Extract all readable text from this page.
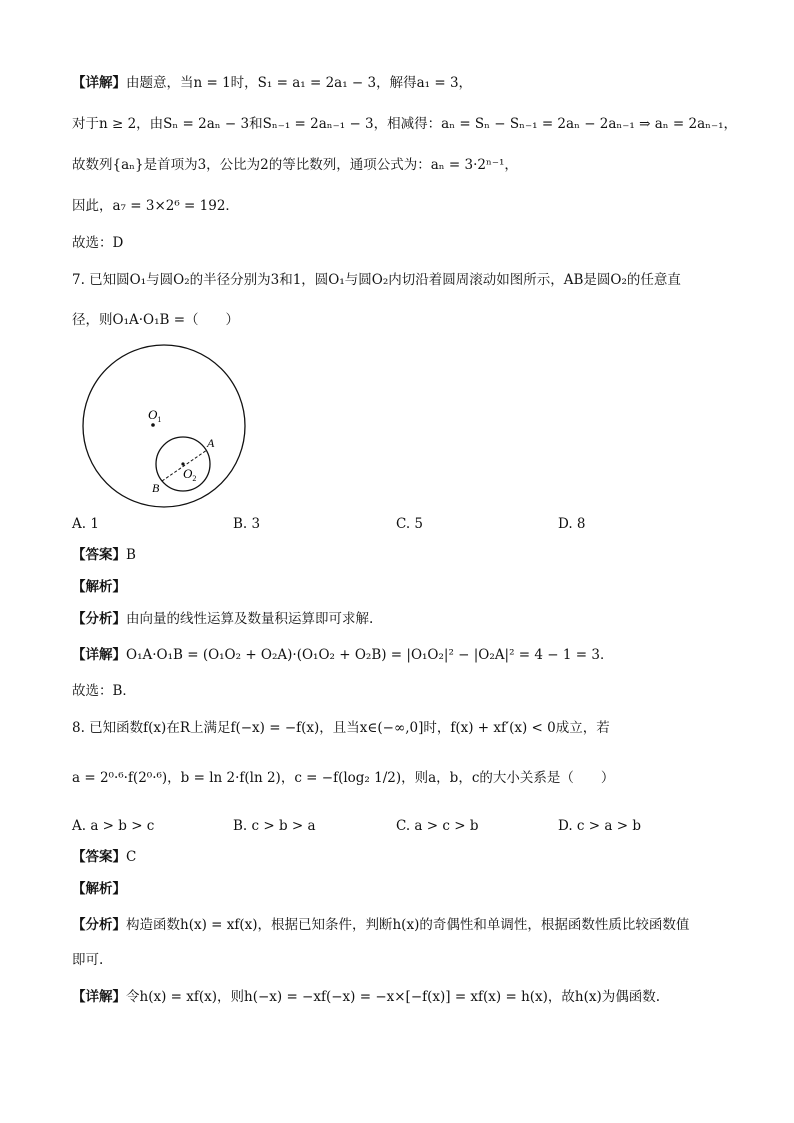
【详解】由题意，当n = 1时，S₁ = a₁ = 2a₁ − 3，解得a₁ = 3，
对于n ≥ 2，由Sₙ = 2aₙ − 3和Sₙ₋₁ = 2aₙ₋₁ − 3，相减得：aₙ = Sₙ − Sₙ₋₁ = 2aₙ − 2aₙ₋₁ ⇒ aₙ = 2aₙ₋₁，
故数列{aₙ}是首项为3，公比为2的等比数列，通项公式为：aₙ = 3·2ⁿ⁻¹，
因此，a₇ = 3×2⁶ = 192．
故选：D
7. 已知圆O₁与圆O₂的半径分别为3和1，圆O₁与圆O₂内切沿着圆周滚动如图所示，AB是圆O₂的任意直
径，则O₁A·O₁B =（　　）
$O_1$
$O_2$
A
B
A. 1	B. 3	C. 5	D. 8
【答案】B
【解析】
【分析】由向量的线性运算及数量积运算即可求解.
【详解】O₁A·O₁B = (O₁O₂ + O₂A)·(O₁O₂ + O₂B) = |O₁O₂|² − |O₂A|² = 4 − 1 = 3．
故选：B．
8. 已知函数f(x)在R上满足f(−x) = −f(x)，且当x∈(−∞,0]时，f(x) + xf′(x) < 0成立，若
a = 2⁰·⁶·f(2⁰·⁶)，b = ln 2·f(ln 2)，c = −f(log₂ 1/2)，则a，b，c的大小关系是（　　）
A. a > b > c	B. c > b > a	C. a > c > b	D. c > a > b
【答案】C
【解析】
【分析】构造函数h(x) = xf(x)，根据已知条件，判断h(x)的奇偶性和单调性，根据函数性质比较函数值
即可.
【详解】令h(x) = xf(x)，则h(−x) = −xf(−x) = −x×[−f(x)] = xf(x) = h(x)，故h(x)为偶函数.
